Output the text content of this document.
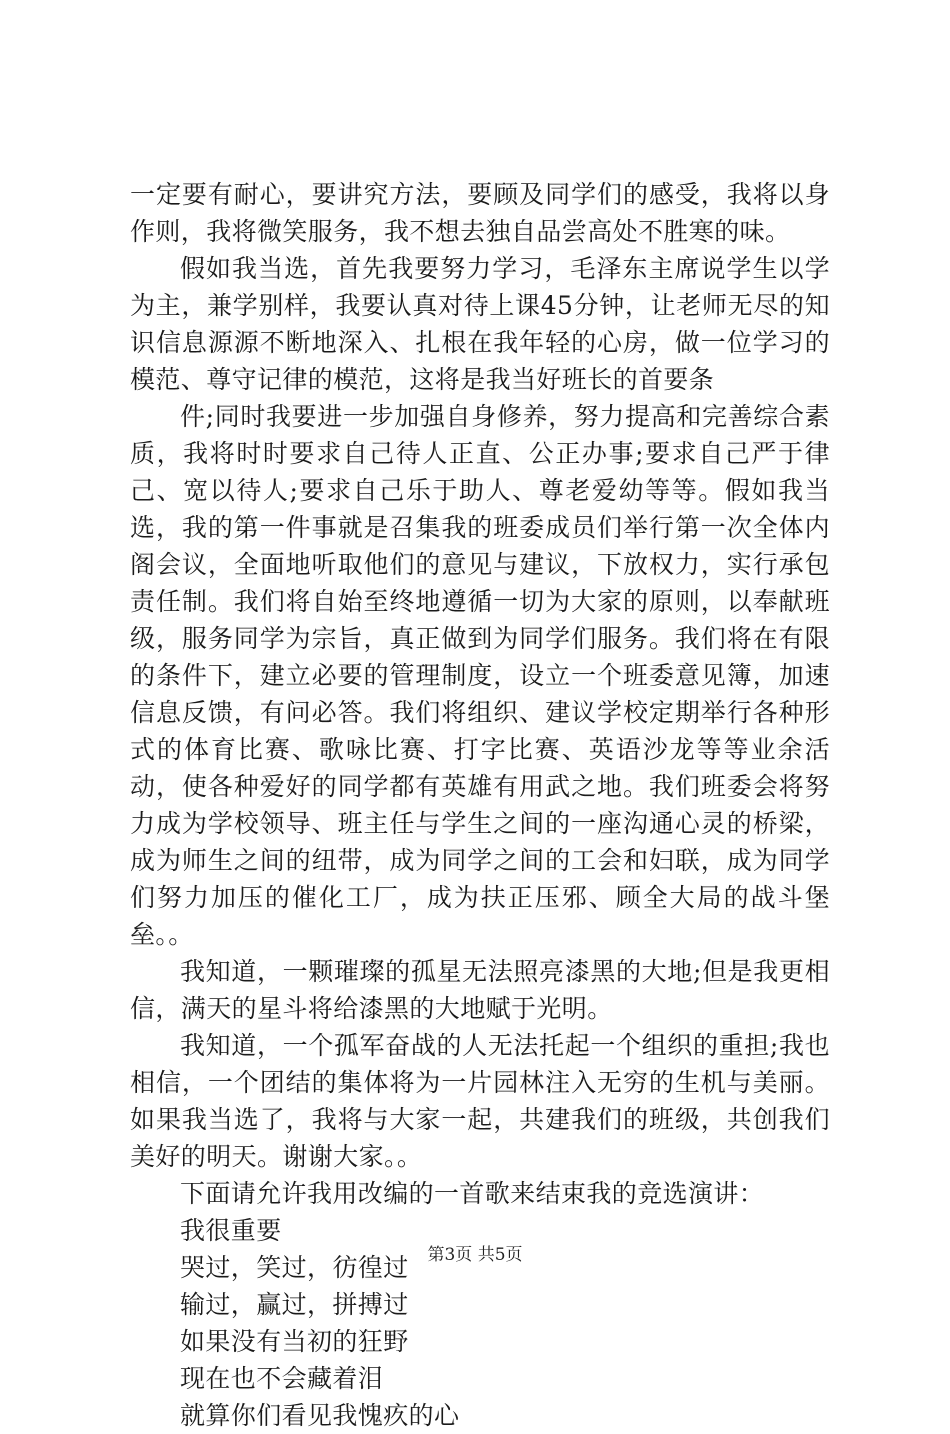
一定要有耐心，要讲究方法，要顾及同学们的感受，我将以身作则，我将微笑服务，我不想去独自品尝高处不胜寒的味。

假如我当选，首先我要努力学习，毛泽东主席说学生以学为主，兼学别样，我要认真对待上课45分钟，让老师无尽的知识信息源源不断地深入、扎根在我年轻的心房，做一位学习的模范、尊守记律的模范，这将是我当好班长的首要条

件;同时我要进一步加强自身修养，努力提高和完善综合素质，我将时时要求自己待人正直、公正办事;要求自己严于律己、宽以待人;要求自己乐于助人、尊老爱幼等等。假如我当选，我的第一件事就是召集我的班委成员们举行第一次全体内阁会议，全面地听取他们的意见与建议，下放权力，实行承包责任制。我们将自始至终地遵循一切为大家的原则，以奉献班级，服务同学为宗旨，真正做到为同学们服务。我们将在有限的条件下，建立必要的管理制度，设立一个班委意见簿，加速信息反馈，有问必答。我们将组织、建议学校定期举行各种形式的体育比赛、歌咏比赛、打字比赛、英语沙龙等等业余活动，使各种爱好的同学都有英雄有用武之地。我们班委会将努力成为学校领导、班主任与学生之间的一座沟通心灵的桥梁，成为师生之间的纽带，成为同学之间的工会和妇联，成为同学们努力加压的催化工厂，成为扶正压邪、顾全大局的战斗堡垒。。

我知道，一颗璀璨的孤星无法照亮漆黑的大地;但是我更相信，满天的星斗将给漆黑的大地赋于光明。

我知道，一个孤军奋战的人无法托起一个组织的重担;我也相信，一个团结的集体将为一片园林注入无穷的生机与美丽。如果我当选了，我将与大家一起，共建我们的班级，共创我们美好的明天。谢谢大家。。

下面请允许我用改编的一首歌来结束我的竞选演讲：

我很重要

哭过，笑过，彷徨过

输过，赢过，拼搏过

如果没有当初的狂野

现在也不会藏着泪

就算你们看见我愧疚的心

第3页 共5页
